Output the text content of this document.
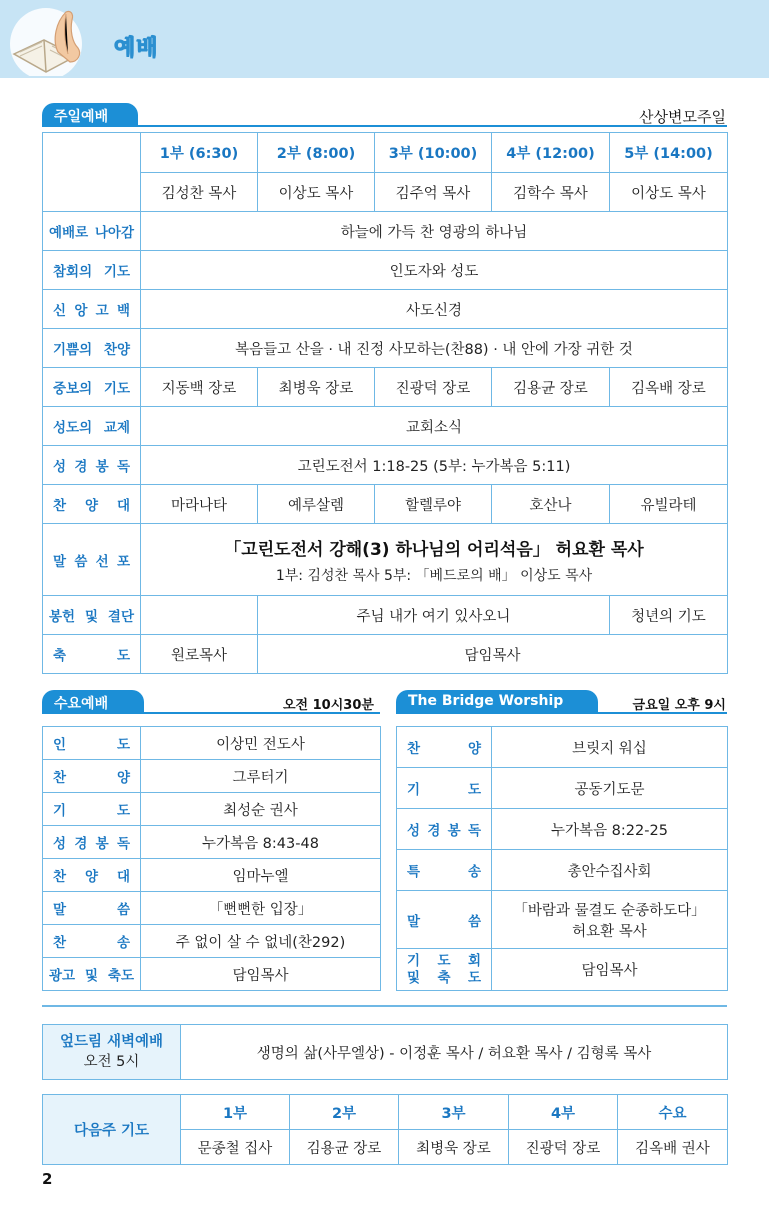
예배
주일예배	산상변모주일
	1부 (6:30)	2부 (8:00)	3부 (10:00)	4부 (12:00)	5부 (14:00)
	김성찬 목사	이상도 목사	김주억 목사	김학수 목사	이상도 목사
예배로 나아감	하늘에 가득 찬 영광의 하나님				
참회의 기도	인도자와 성도				
신 앙 고 백	사도신경				
기쁨의 찬양	복음들고 산을 · 내 진정 사모하는(찬88) · 내 안에 가장 귀한 것				
중보의 기도	지동백 장로	최병욱 장로	진광덕 장로	김용균 장로	김옥배 장로
성도의 교제	교회소식				
성 경 봉 독	고린도전서 1:18-25 (5부: 누가복음 5:11)				
찬 양 대	마라나타	예루살렘	할렐루야	호산나	유빌라테
말 씀 선 포	「고린도전서 강해(3) 하나님의 어리석음」 허요환 목사
1부: 김성찬 목사 5부: 「베드로의 배」 이상도 목사				

봉헌 및 결단		주님 내가 여기 있사오니			청년의 기도
축 도	원로목사	담임목사			
수요예배	오전 10시30분
인 도	이상민 전도사
찬 양	그루터기
기 도	최성순 권사
성 경 봉 독	누가복음 8:43-48
찬 양 대	임마누엘
말 씀	「뻔뻔한 입장」
찬 송	주 없이 살 수 없네(찬292)
광고 및 축도	담임목사
The Bridge Worship	금요일 오후 9시
찬 양	브릿지 워십
기 도	공동기도문
성 경 봉 독	누가복음 8:22-25
특 송	총안수집사회
말 씀	「바람과 물결도 순종하도다」
허요환 목사

기 도 회
및 축 도	담임목사
엎드림 새벽예배
오전 5시
	생명의 삶(사무엘상) - 이정훈 목사 / 허요환 목사 / 김형록 목사
다음주 기도	1부	2부	3부	4부	수요
	문종철 집사	김용균 장로	최병욱 장로	진광덕 장로	김옥배 권사
2
